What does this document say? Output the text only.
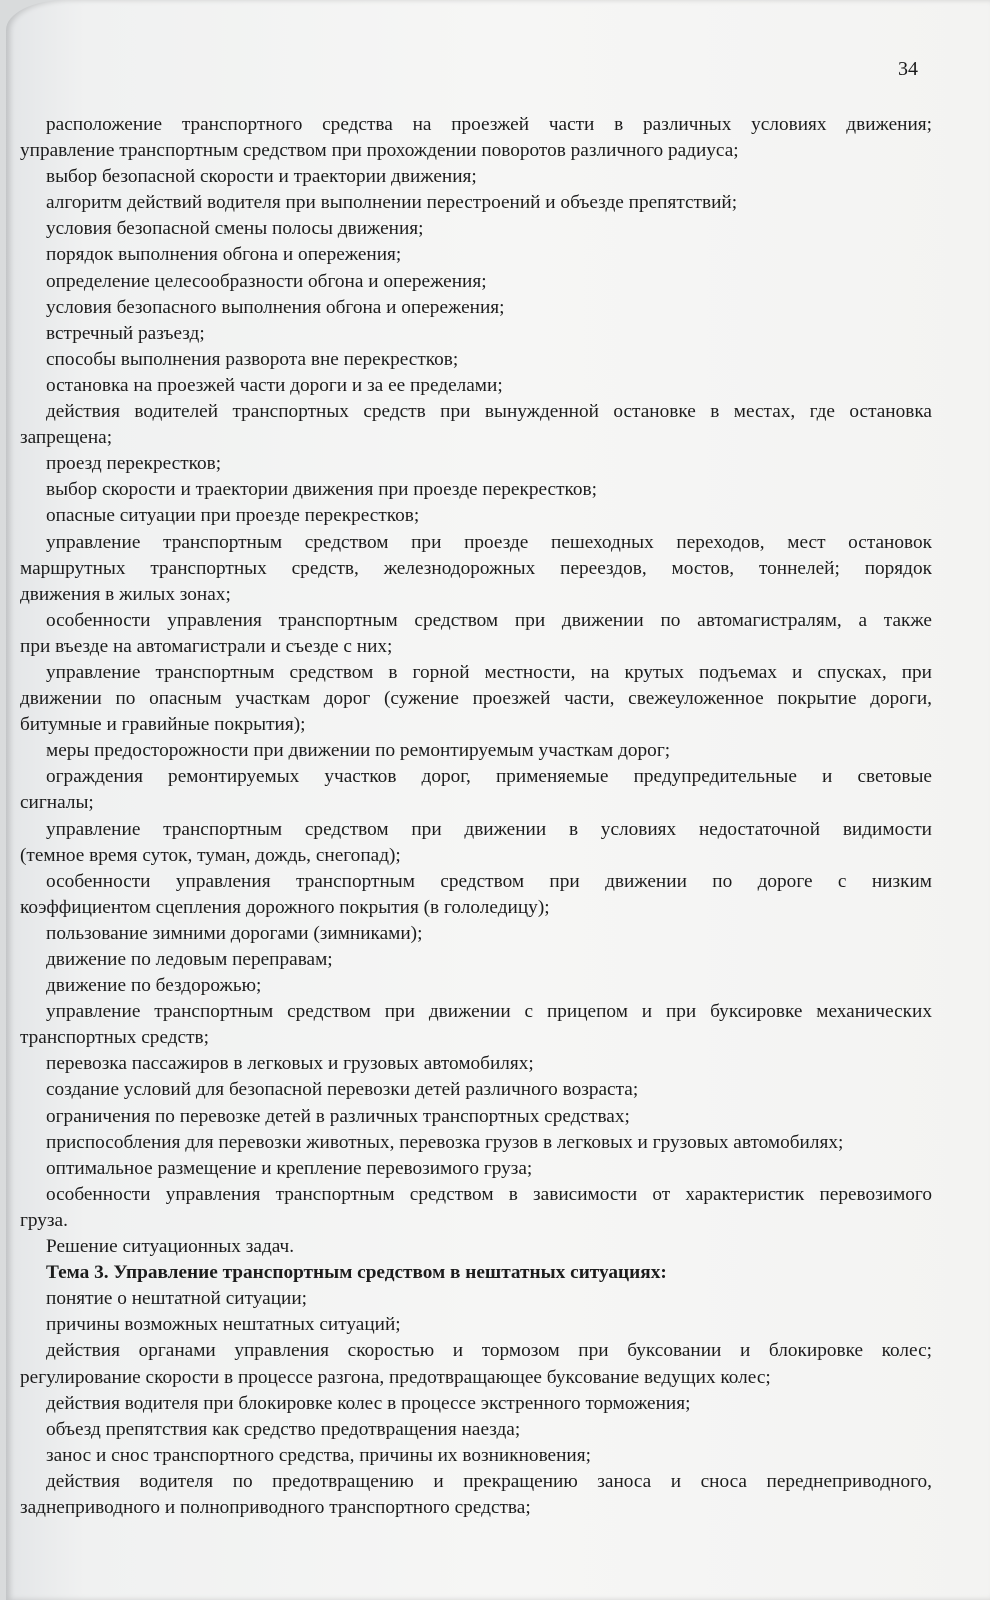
34
расположение транспортного средства на проезжей части в различных условиях движения;
управление транспортным средством при прохождении поворотов различного радиуса;
выбор безопасной скорости и траектории движения;
алгоритм действий водителя при выполнении перестроений и объезде препятствий;
условия безопасной смены полосы движения;
порядок выполнения обгона и опережения;
определение целесообразности обгона и опережения;
условия безопасного выполнения обгона и опережения;
встречный разъезд;
способы выполнения разворота вне перекрестков;
остановка на проезжей части дороги и за ее пределами;
действия водителей транспортных средств при вынужденной остановке в местах, где остановка
запрещена;
проезд перекрестков;
выбор скорости и траектории движения при проезде перекрестков;
опасные ситуации при проезде перекрестков;
управление транспортным средством при проезде пешеходных переходов, мест остановок
маршрутных транспортных средств, железнодорожных переездов, мостов, тоннелей; порядок
движения в жилых зонах;
особенности управления транспортным средством при движении по автомагистралям, а также
при въезде на автомагистрали и съезде с них;
управление транспортным средством в горной местности, на крутых подъемах и спусках, при
движении по опасным участкам дорог (сужение проезжей части, свежеуложенное покрытие дороги,
битумные и гравийные покрытия);
меры предосторожности при движении по ремонтируемым участкам дорог;
ограждения ремонтируемых участков дорог, применяемые предупредительные и световые
сигналы;
управление транспортным средством при движении в условиях недостаточной видимости
(темное время суток, туман, дождь, снегопад);
особенности управления транспортным средством при движении по дороге с низким
коэффициентом сцепления дорожного покрытия (в гололедицу);
пользование зимними дорогами (зимниками);
движение по ледовым переправам;
движение по бездорожью;
управление транспортным средством при движении с прицепом и при буксировке механических
транспортных средств;
перевозка пассажиров в легковых и грузовых автомобилях;
создание условий для безопасной перевозки детей различного возраста;
ограничения по перевозке детей в различных транспортных средствах;
приспособления для перевозки животных, перевозка грузов в легковых и грузовых автомобилях;
оптимальное размещение и крепление перевозимого груза;
особенности управления транспортным средством в зависимости от характеристик перевозимого
груза.
Решение ситуационных задач.
Тема 3. Управление транспортным средством в нештатных ситуациях:
понятие о нештатной ситуации;
причины возможных нештатных ситуаций;
действия органами управления скоростью и тормозом при буксовании и блокировке колес;
регулирование скорости в процессе разгона, предотвращающее буксование ведущих колес;
действия водителя при блокировке колес в процессе экстренного торможения;
объезд препятствия как средство предотвращения наезда;
занос и снос транспортного средства, причины их возникновения;
действия водителя по предотвращению и прекращению заноса и сноса переднеприводного,
заднеприводного и полноприводного транспортного средства;
